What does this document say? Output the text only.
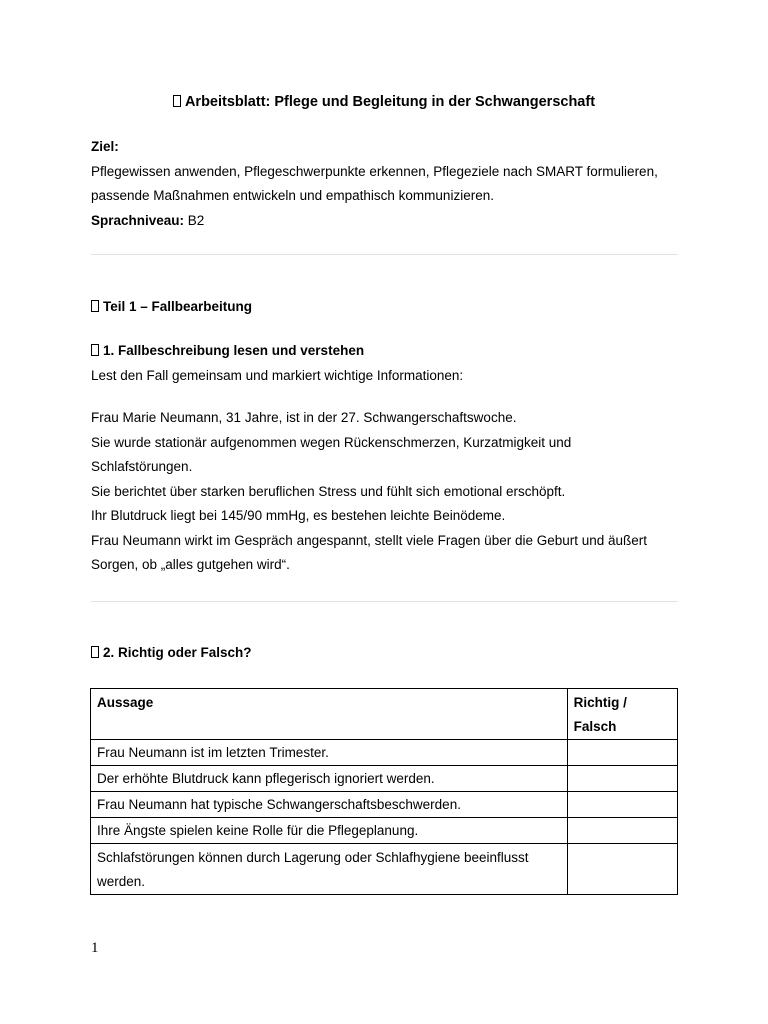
Arbeitsblatt: Pflege und Begleitung in der Schwangerschaft
Ziel:
Pflegewissen anwenden, Pflegeschwerpunkte erkennen, Pflegeziele nach SMART formulieren,
passende Maßnahmen entwickeln und empathisch kommunizieren.
Sprachniveau: B2
Teil 1 – Fallbearbeitung
1. Fallbeschreibung lesen und verstehen
Lest den Fall gemeinsam und markiert wichtige Informationen:
Frau Marie Neumann, 31 Jahre, ist in der 27. Schwangerschaftswoche.
Sie wurde stationär aufgenommen wegen Rückenschmerzen, Kurzatmigkeit und
Schlafstörungen.
Sie berichtet über starken beruflichen Stress und fühlt sich emotional erschöpft.
Ihr Blutdruck liegt bei 145/90 mmHg, es bestehen leichte Beinödeme.
Frau Neumann wirkt im Gespräch angespannt, stellt viele Fragen über die Geburt und äußert
Sorgen, ob „alles gutgehen wird“.
2. Richtig oder Falsch?
Aussage	Richtig /
Falsch

Frau Neumann ist im letzten Trimester.	
Der erhöhte Blutdruck kann pflegerisch ignoriert werden.	
Frau Neumann hat typische Schwangerschaftsbeschwerden.	
Ihre Ängste spielen keine Rolle für die Pflegeplanung.	

Schlafstörungen können durch Lagerung oder Schlafhygiene beeinflusst
werden.	

1
